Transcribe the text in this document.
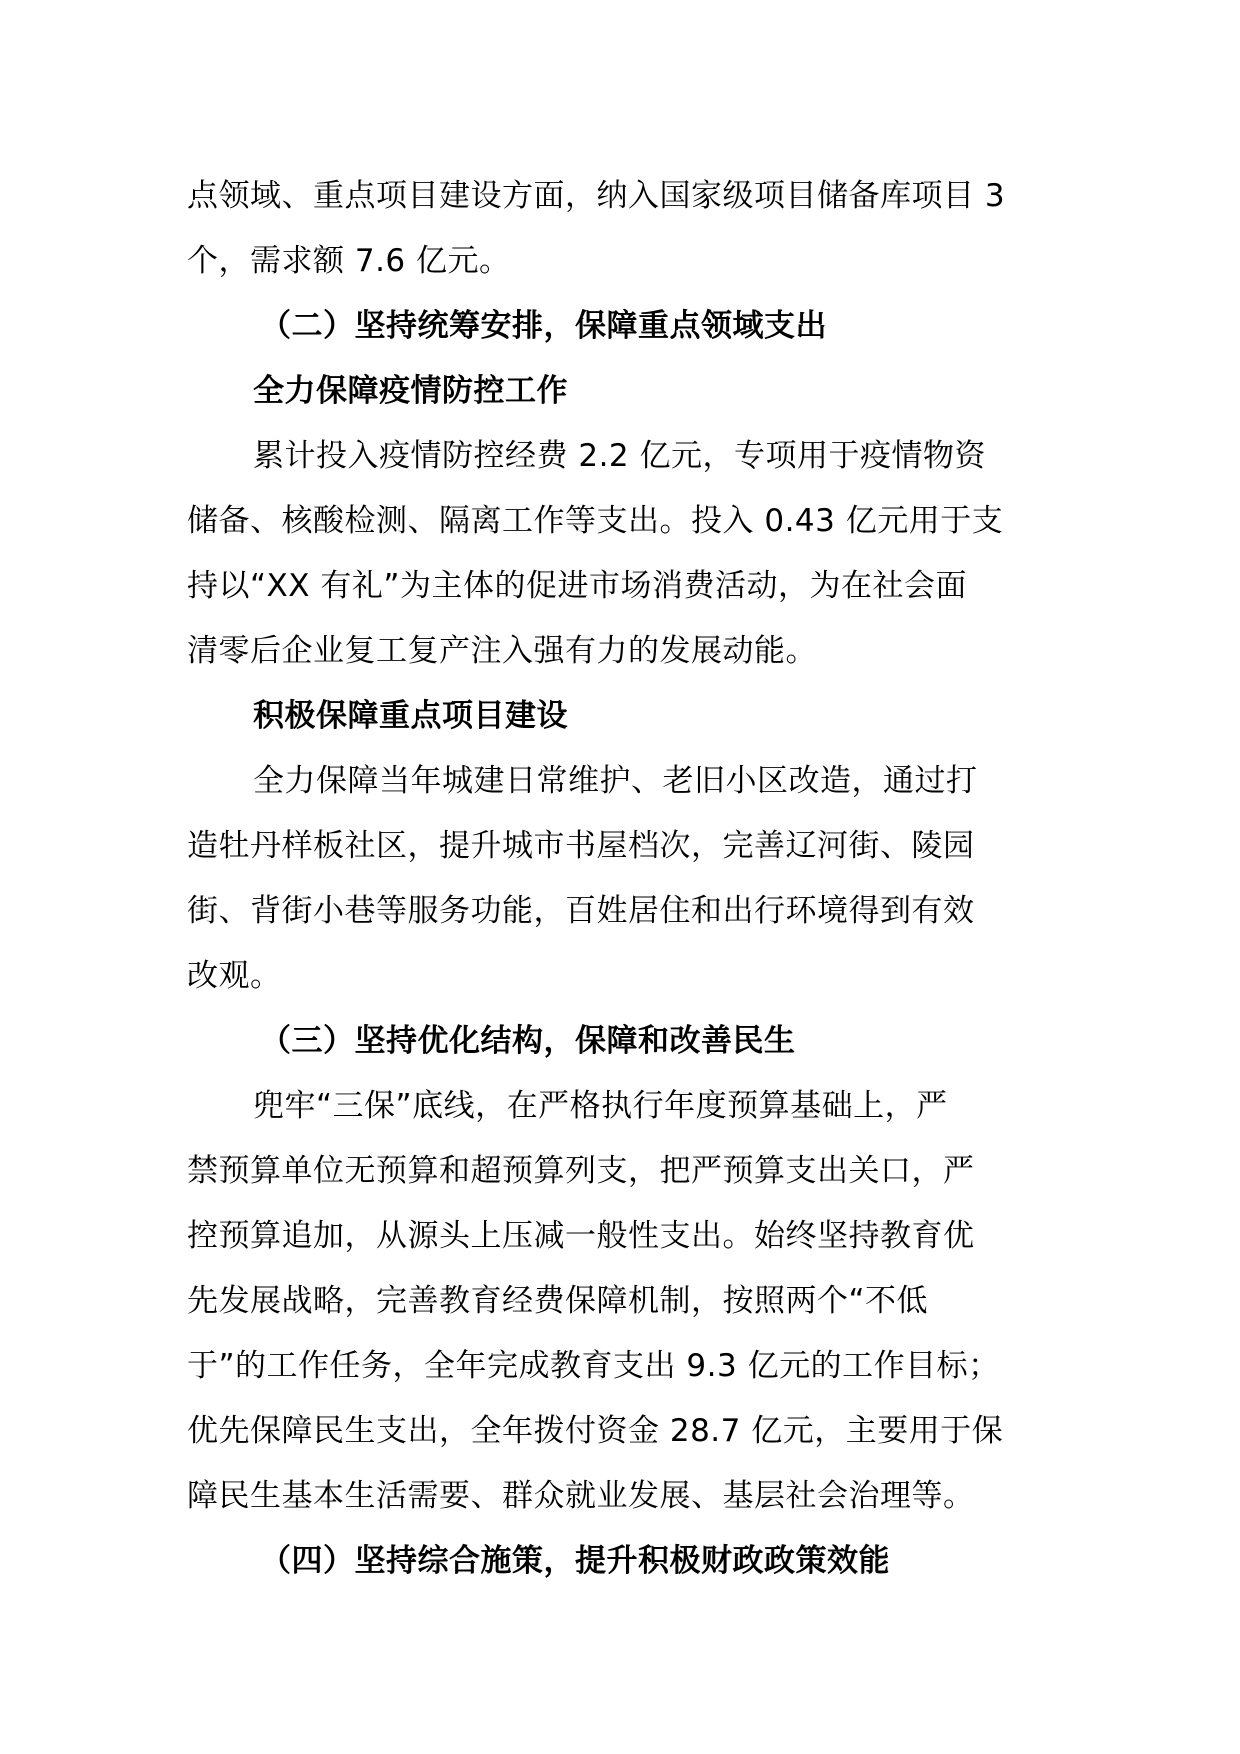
点领域、重点项目建设方面，纳入国家级项目储备库项目 3
个，需求额 7.6 亿元。
（二）坚持统筹安排，保障重点领域支出
全力保障疫情防控工作
累计投入疫情防控经费 2.2 亿元，专项用于疫情物资
储备、核酸检测、隔离工作等支出。投入 0.43 亿元用于支
持以“XX 有礼”为主体的促进市场消费活动，为在社会面
清零后企业复工复产注入强有力的发展动能。
积极保障重点项目建设
全力保障当年城建日常维护、老旧小区改造，通过打
造牡丹样板社区，提升城市书屋档次，完善辽河街、陵园
街、背街小巷等服务功能，百姓居住和出行环境得到有效
改观。
（三）坚持优化结构，保障和改善民生
兜牢“三保”底线，在严格执行年度预算基础上，严
禁预算单位无预算和超预算列支，把严预算支出关口，严
控预算追加，从源头上压减一般性支出。始终坚持教育优
先发展战略，完善教育经费保障机制，按照两个“不低
于”的工作任务，全年完成教育支出 9.3 亿元的工作目标；
优先保障民生支出，全年拨付资金 28.7 亿元，主要用于保
障民生基本生活需要、群众就业发展、基层社会治理等。
（四）坚持综合施策，提升积极财政政策效能
